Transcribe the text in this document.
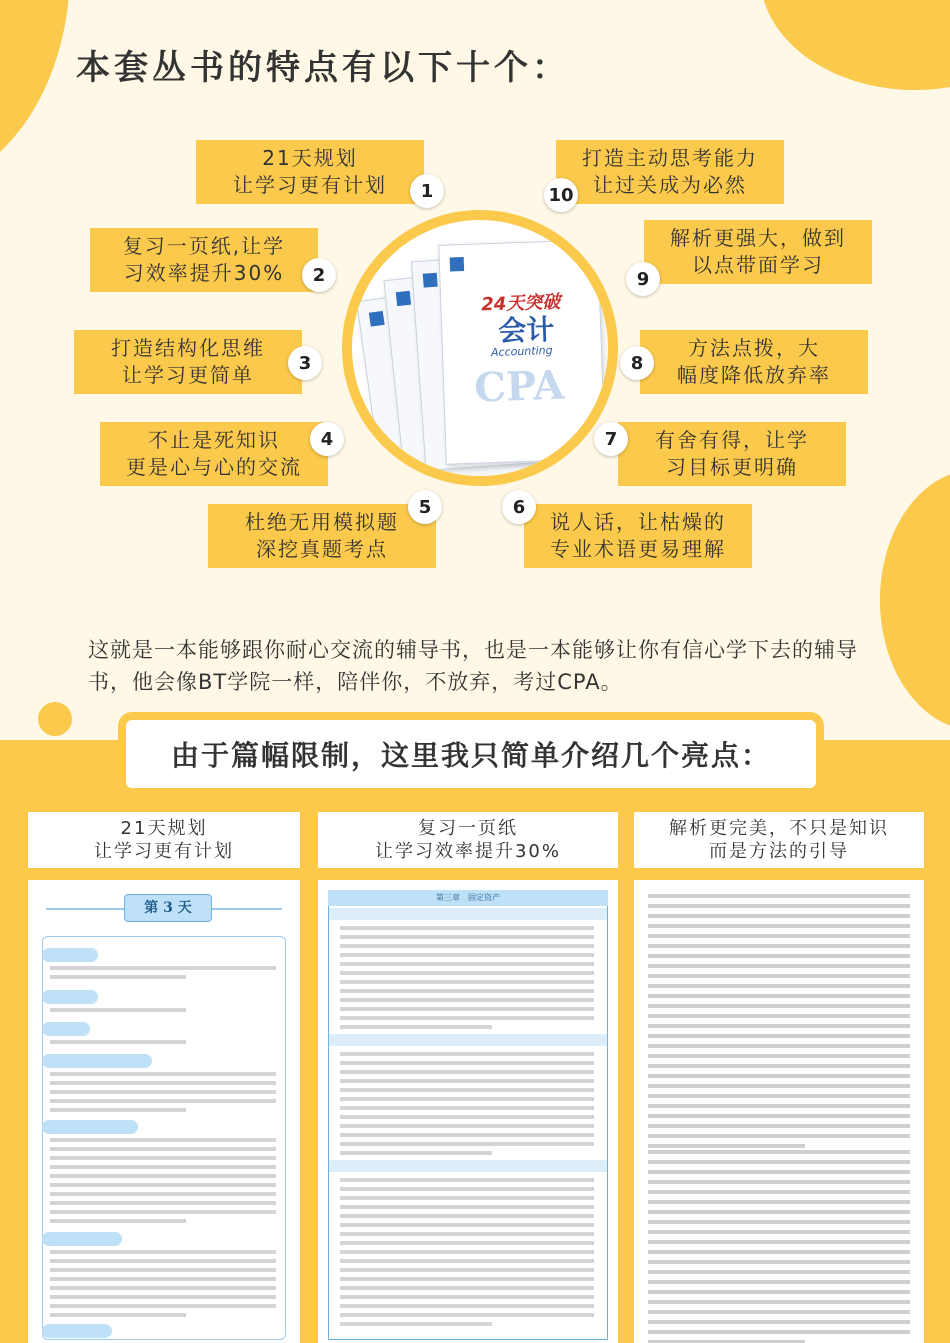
本套丛书的特点有以下十个：
24天突破
会计
Accounting
CPA
21天规划
让学习更有计划	1
复习一页纸,让学
习效率提升30%	2
打造结构化思维
让学习更简单	3
不止是死知识
更是心与心的交流
4
杜绝无用模拟题
深挖真题考点
5
说人话，让枯燥的
专业术语更易理解
6
有舍有得，让学
习目标更明确
7
方法点拨，大
幅度降低放弃率
8
解析更强大，做到
以点带面学习
9
打造主动思考能力
让过关成为必然
10
这就是一本能够跟你耐心交流的辅导书，也是一本能够让你有信心学下去的辅导书，他会像BT学院一样，陪伴你，不放弃，考过CPA。
由于篇幅限制，这里我只简单介绍几个亮点：
21天规划
让学习更有计划
第 3 天
复习一页纸
让学习效率提升30%
第三章　固定资产
解析更完美，不只是知识
而是方法的引导
